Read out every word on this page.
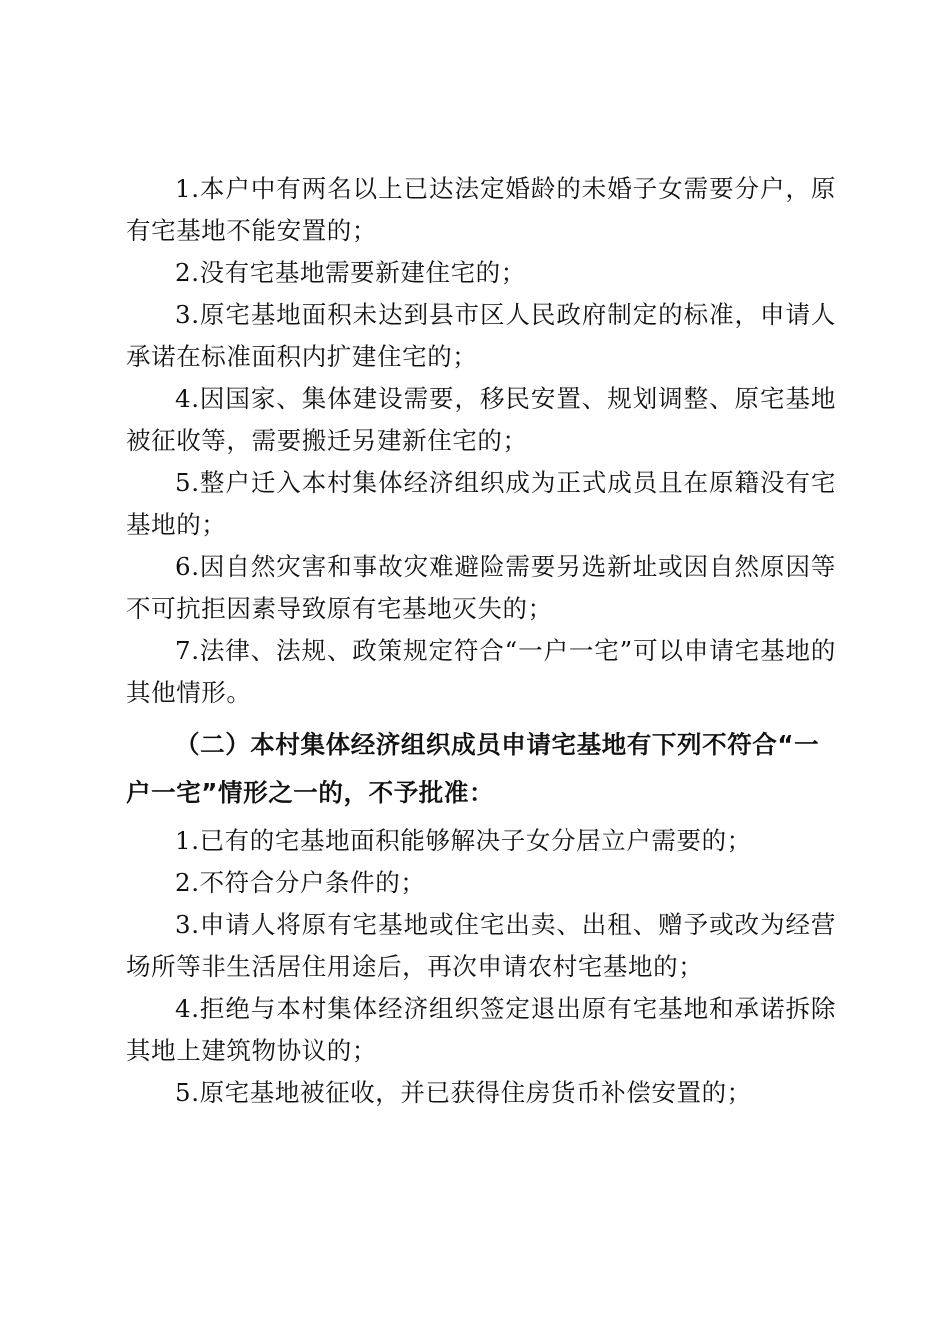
1.本户中有两名以上已达法定婚龄的未婚子女需要分户，原有宅基地不能安置的；

2.没有宅基地需要新建住宅的；

3.原宅基地面积未达到县市区人民政府制定的标准，申请人承诺在标准面积内扩建住宅的；

4.因国家、集体建设需要，移民安置、规划调整、原宅基地被征收等，需要搬迁另建新住宅的；

5.整户迁入本村集体经济组织成为正式成员且在原籍没有宅基地的；

6.因自然灾害和事故灾难避险需要另选新址或因自然原因等不可抗拒因素导致原有宅基地灭失的；

7.法律、法规、政策规定符合“一户一宅”可以申请宅基地的其他情形。

（二）本村集体经济组织成员申请宅基地有下列不符合“一
户一宅”情形之一的，不予批准：

1.已有的宅基地面积能够解决子女分居立户需要的；

2.不符合分户条件的；

3.申请人将原有宅基地或住宅出卖、出租、赠予或改为经营场所等非生活居住用途后，再次申请农村宅基地的；

4.拒绝与本村集体经济组织签定退出原有宅基地和承诺拆除其地上建筑物协议的；

5.原宅基地被征收，并已获得住房货币补偿安置的；
